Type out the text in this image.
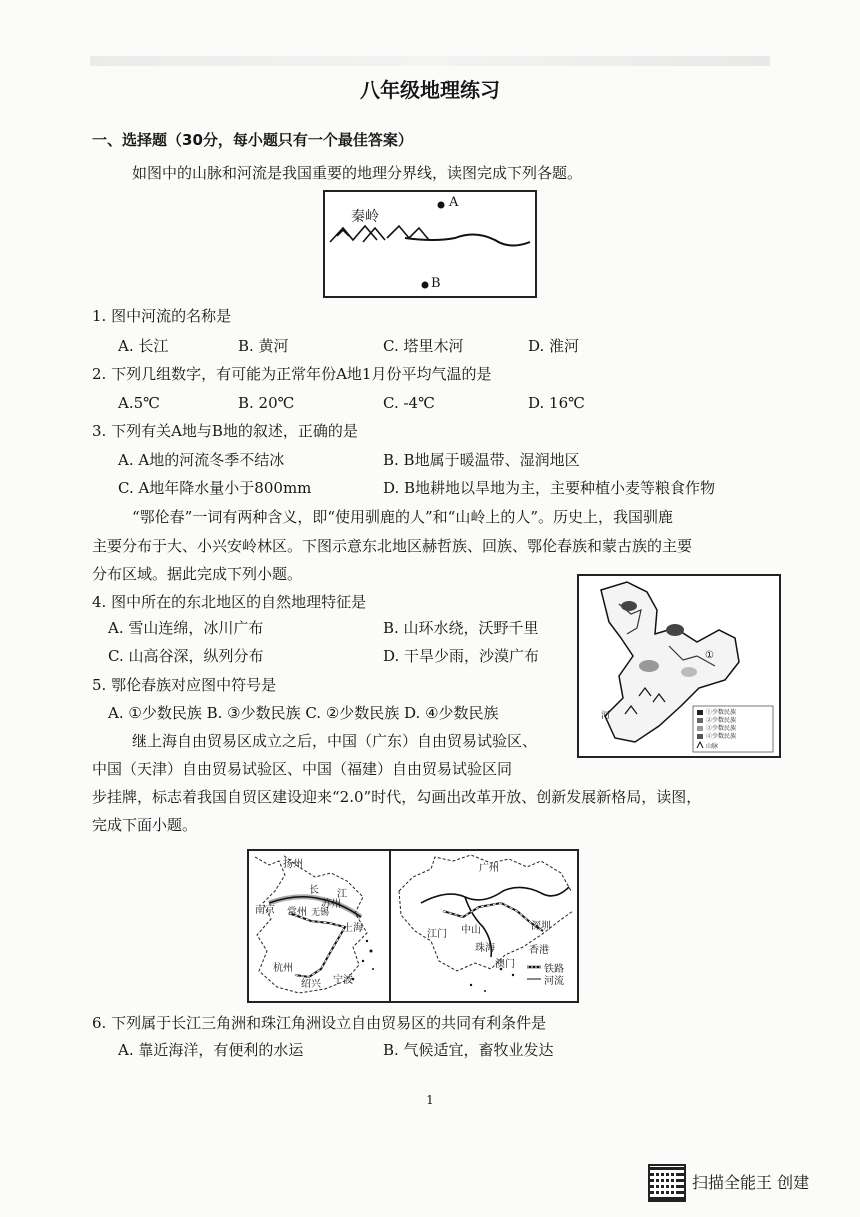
八年级地理练习
一、选择题（30分，每小题只有一个最佳答案）
如图中的山脉和河流是我国重要的地理分界线，读图完成下列各题。
秦岭
A
B
1. 图中河流的名称是
A. 长江	B. 黄河	C. 塔里木河	D. 淮河
2. 下列几组数字，有可能为正常年份A地1月份平均气温的是
A.5℃	B. 20℃	C. -4℃	D. 16℃
3. 下列有关A地与B地的叙述，正确的是
A. A地的河流冬季不结冰	B. B地属于暖温带、湿润地区
C. A地年降水量小于800mm	D. B地耕地以旱地为主，主要种植小麦等粮食作物
“鄂伦春”一词有两种含义，即“使用驯鹿的人”和“山岭上的人”。历史上，我国驯鹿
主要分布于大、小兴安岭林区。下图示意东北地区赫哲族、回族、鄂伦春族和蒙古族的主要
分布区域。据此完成下列小题。
①
河	①少数民族
②少数民族
③少数民族
④少数民族
山脉
4. 图中所在的东北地区的自然地理特征是
A. 雪山连绵，冰川广布	B. 山环水绕，沃野千里
C. 山高谷深，纵列分布	D. 干旱少雨，沙漠广布
5. 鄂伦春族对应图中符号是
A. ①少数民族 B. ③少数民族 C. ②少数民族 D. ④少数民族
继上海自由贸易区成立之后，中国（广东）自由贸易试验区、
中国（天津）自由贸易试验区、中国（福建）自由贸易试验区同
步挂牌，标志着我国自贸区建设迎来“2.0”时代，勾画出改革开放、创新发展新格局，读图，
完成下面小题。
扬州
长 江
南京 常州 无锡
苏州
上海
杭州
绍兴 宁波
广州
深圳
江门 中山
珠海
澳门
香港
铁路
河流
6. 下列属于长江三角洲和珠江角洲设立自由贸易区的共同有利条件是
A. 靠近海洋，有便利的水运	B. 气候适宜，畜牧业发达
1
扫描全能王 创建
